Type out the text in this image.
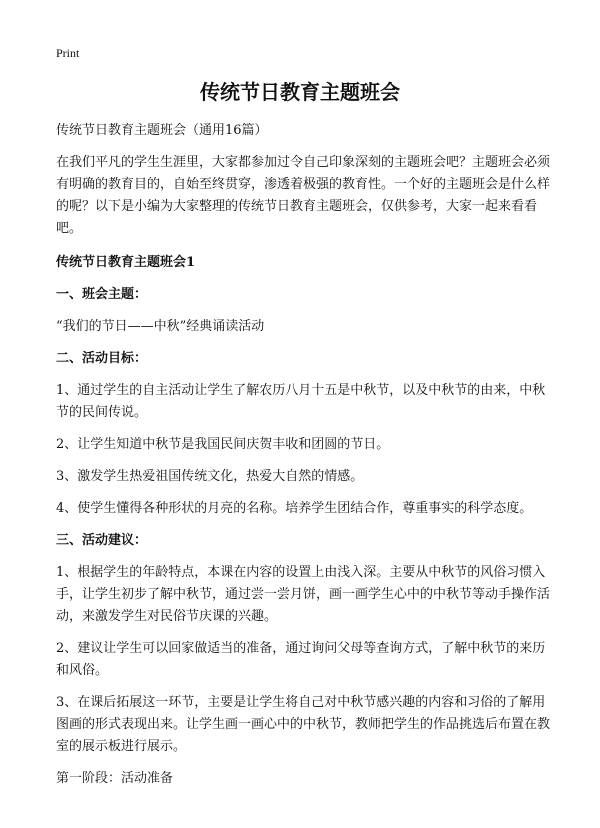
Print
传统节日教育主题班会

传统节日教育主题班会（通用16篇）

在我们平凡的学生生涯里，大家都参加过令自己印象深刻的主题班会吧？主题班会必须有明确的教育目的，自始至终贯穿，渗透着极强的教育性。一个好的主题班会是什么样的呢？以下是小编为大家整理的传统节日教育主题班会，仅供参考，大家一起来看看吧。

传统节日教育主题班会1

一、班会主题：

“我们的节日——中秋”经典诵读活动

二、活动目标：

1、通过学生的自主活动让学生了解农历八月十五是中秋节，以及中秋节的由来，中秋节的民间传说。

2、让学生知道中秋节是我国民间庆贺丰收和团圆的节日。

3、激发学生热爱祖国传统文化，热爱大自然的情感。

4、使学生懂得各种形状的月亮的名称。培养学生团结合作，尊重事实的科学态度。

三、活动建议：

1、根据学生的年龄特点，本课在内容的设置上由浅入深。主要从中秋节的风俗习惯入手，让学生初步了解中秋节，通过尝一尝月饼，画一画学生心中的中秋节等动手操作活动，来激发学生对民俗节庆课的兴趣。

2、建议让学生可以回家做适当的准备，通过询问父母等查询方式，了解中秋节的来历和风俗。

3、在课后拓展这一环节，主要是让学生将自己对中秋节感兴趣的内容和习俗的了解用图画的形式表现出来。让学生画一画心中的中秋节，教师把学生的作品挑选后布置在教室的展示板进行展示。

第一阶段：活动准备
